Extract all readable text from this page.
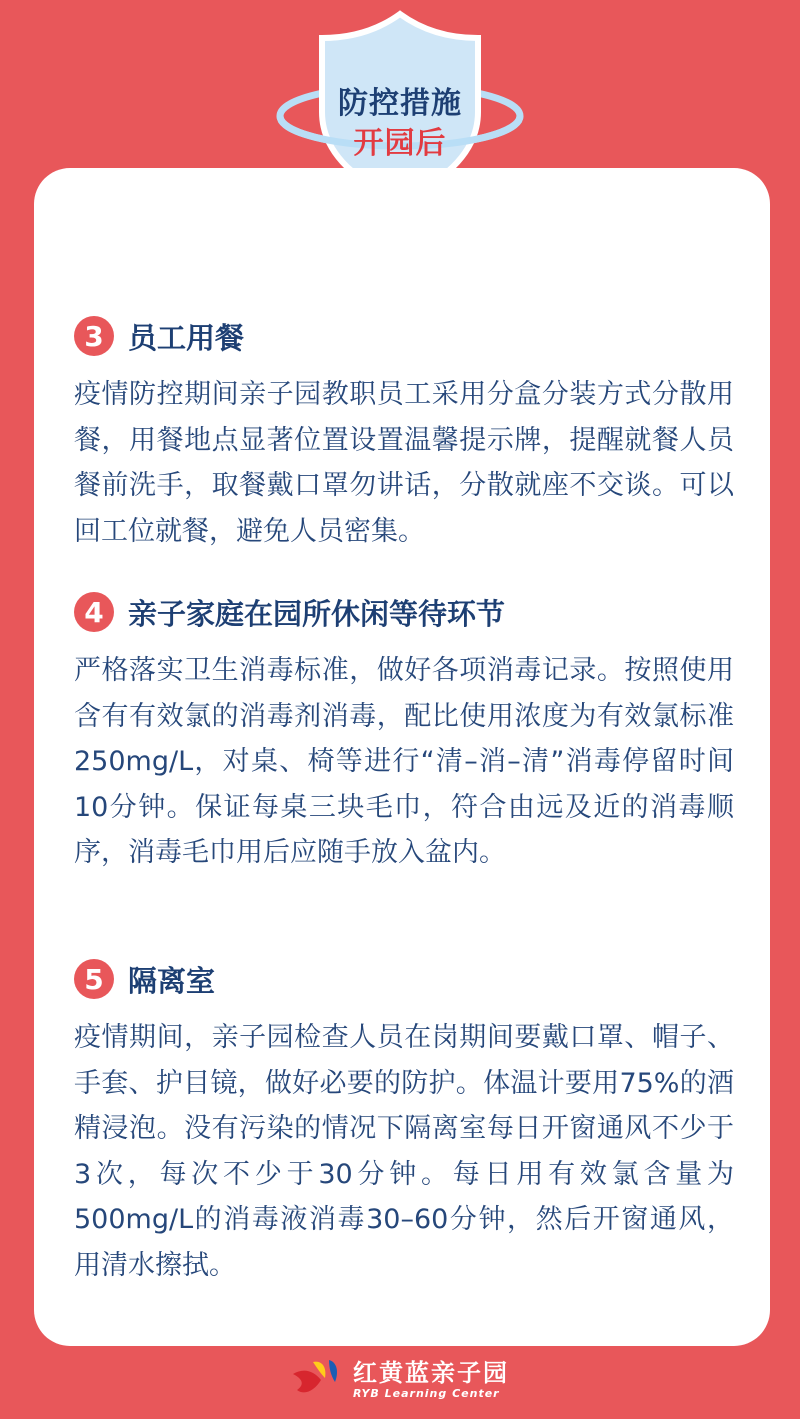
防控措施
开园后
3 员工用餐
疫情防控期间亲子园教职员工采用分盒分装方式分散用餐，用餐地点显著位置设置温馨提示牌，提醒就餐人员餐前洗手，取餐戴口罩勿讲话，分散就座不交谈。可以回工位就餐，避免人员密集。
4 亲子家庭在园所休闲等待环节
严格落实卫生消毒标准，做好各项消毒记录。按照使用含有有效氯的消毒剂消毒，配比使用浓度为有效氯标准250mg/L，对桌、椅等进行“清–消–清”消毒停留时间10分钟。保证每桌三块毛巾，符合由远及近的消毒顺序，消毒毛巾用后应随手放入盆内。
5 隔离室
疫情期间，亲子园检查人员在岗期间要戴口罩、帽子、手套、护目镜，做好必要的防护。体温计要用75%的酒精浸泡。没有污染的情况下隔离室每日开窗通风不少于3次，每次不少于30分钟。每日用有效氯含量为500mg/L的消毒液消毒30–60分钟，然后开窗通风，用清水擦拭。
红黄蓝亲子园
RYB Learning Center
